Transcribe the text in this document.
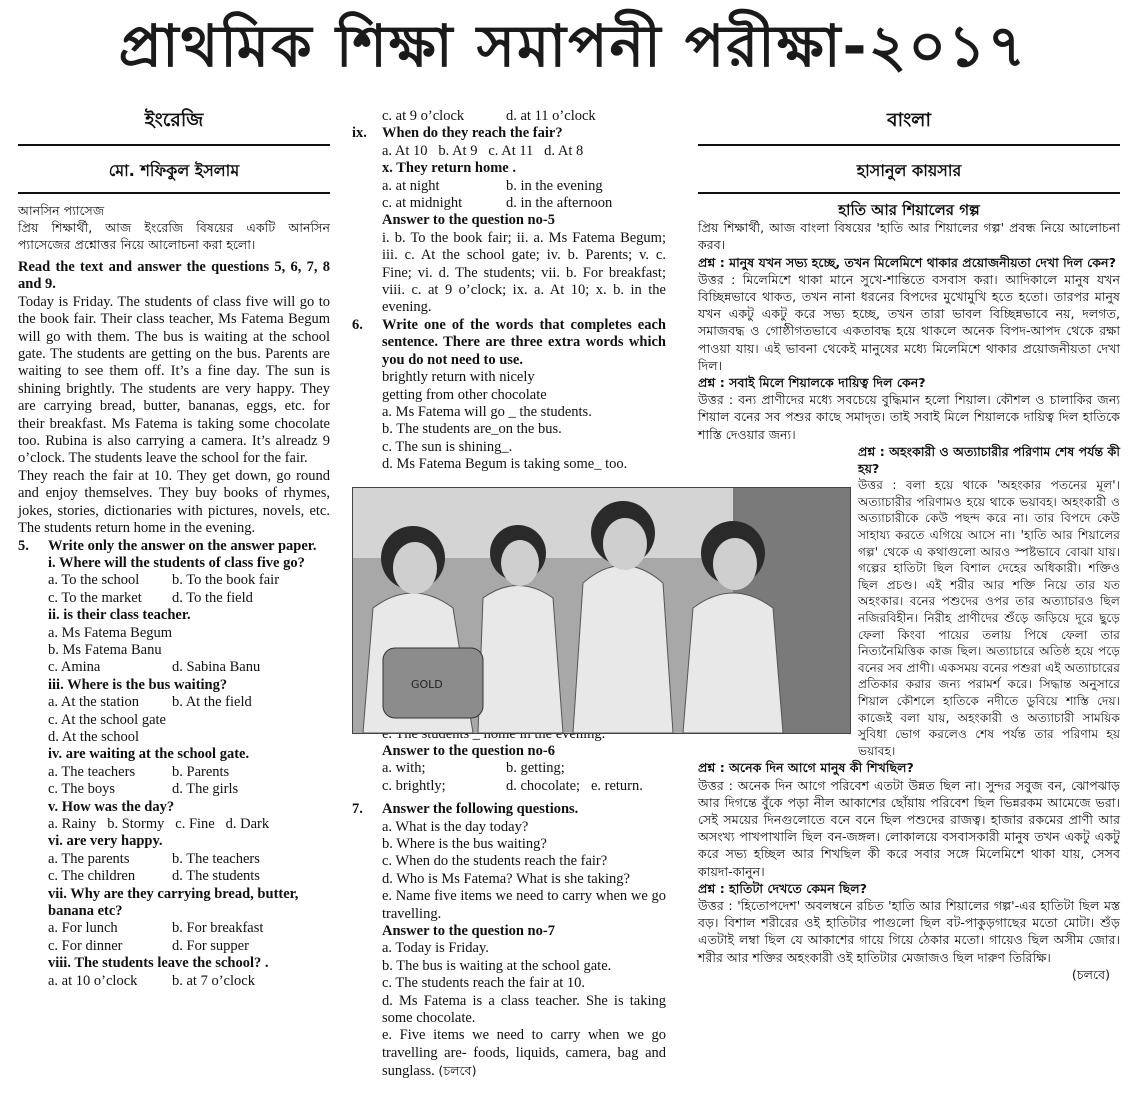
প্রাথমিক শিক্ষা সমাপনী পরীক্ষা-২০১৭
ইংরেজি
মো. শফিকুল ইসলাম

আনসিন প্যাসেজ

প্রিয় শিক্ষার্থী, আজ ইংরেজি বিষয়ের একটি আনসিন প্যাসেজের প্রশ্নোত্তর নিয়ে আলোচনা করা হলো।

Read the text and answer the questions 5, 6, 7, 8 and 9.

Today is Friday. The students of class five will go to the book fair. Their class teacher, Ms Fatema Begum will go with them. The bus is waiting at the school gate. The students are getting on the bus. Parents are waiting to see them off. It’s a fine day. The sun is shining brightly. The students are very happy. They are carrying bread, butter, bananas, eggs, etc. for their breakfast. Ms Fatema is taking some chocolate too. Rubina is also carrying a camera. It’s alreadz 9 o’clock. The students leave the school for the fair.

They reach the fair at 10. They get down, go round and enjoy themselves. They buy books of rhymes, jokes, stories, dictionaries with pictures, novels, etc. The students return home in the evening.

5. Write only the answer on the answer paper.

i. Where will the students of class five go?

a. To the school	b. To the book fair

c. To the market	d. To the field

ii. is their class teacher.

a. Ms Fatema Begum

b. Ms Fatema Banu

c. Amina	d. Sabina Banu

iii. Where is the bus waiting?

a. At the station	b. At the field

c. At the school gate

d. At the school

iv. are waiting at the school gate.

a. The teachers	b. Parents

c. The boys	d. The girls

v. How was the day?

a. Rainy   b. Stormy   c. Fine   d. Dark

vi. are very happy.

a. The parents	b. The teachers

c. The children	d. The students

vii. Why are they carrying bread, butter, banana etc?

a. For lunch	b. For breakfast

c. For dinner	d. For supper

viii. The students leave the school? .

a. at 10 o’clock	b. at 7 o’clock

c. at 9 o’clock	d. at 11 o’clock

ix. When do they reach the fair?

a. At 10   b. At 9   c. At 11   d. At 8

x. They return home .

a. at night	b. in the evening

c. at midnight	d. in the afternoon

Answer to the question no-5

i. b. To the book fair; ii. a. Ms Fatema Begum; iii. c. At the school gate; iv. b. Parents; v. c. Fine; vi. d. The students; vii. b. For breakfast; viii. c. at 9 o’clock; ix. a. At 10; x. b. in the evening.

6. Write one of the words that completes each sentence. There are three extra words which you do not need to use.

brightly return with nicely

getting from other chocolate

a. Ms Fatema will go _ the students.

b. The students are_on the bus.

c. The sun is shining_.

d. Ms Fatema Begum is taking some_ too.

Answer to the question no-6

a. with;	b. getting;

c. brightly;	d. chocolate;   e. return.

7. Answer the following questions.

a. What is the day today?

b. Where is the bus waiting?

c. When do the students reach the fair?

d. Who is Ms Fatema? What is she taking?

e. Name five items we need to carry when we go travelling.

Answer to the question no-7

a. Today is Friday.

b. The bus is waiting at the school gate.

c. The students reach the fair at 10.

d. Ms Fatema is a class teacher. She is taking some chocolate.

e. Five items we need to carry when we go travelling are- foods, liquids, camera, bag and sunglass. (চলবে)

GOLD
বাংলা
হাসানুল কায়সার

হাতি আর শিয়ালের গল্প

প্রিয় শিক্ষার্থী, আজ বাংলা বিষয়ের 'হাতি আর শিয়ালের গল্প' প্রবন্ধ নিয়ে আলোচনা করব।

প্রশ্ন : মানুষ যখন সভ্য হচ্ছে, তখন মিলেমিশে থাকার প্রয়োজনীয়তা দেখা দিল কেন?

উত্তর : মিলেমিশে থাকা মানে সুখে-শান্তিতে বসবাস করা। আদিকালে মানুষ যখন বিচ্ছিন্নভাবে থাকত, তখন নানা ধরনের বিপদের মুখোমুখি হতে হতো। তারপর মানুষ যখন একটু একটু করে সভ্য হচ্ছে, তখন তারা ভাবল বিচ্ছিন্নভাবে নয়, দলগত, সমাজবদ্ধ ও গোষ্ঠীগতভাবে একতাবদ্ধ হয়ে থাকলে অনেক বিপদ-আপদ থেকে রক্ষা পাওয়া যায়। এই ভাবনা থেকেই মানুষের মধ্যে মিলেমিশে থাকার প্রয়োজনীয়তা দেখা দিল।

প্রশ্ন : সবাই মিলে শিয়ালকে দায়িত্ব দিল কেন?

উত্তর : বন্য প্রাণীদের মধ্যে সবচেয়ে বুদ্ধিমান হলো শিয়াল। কৌশল ও চালাকির জন্য শিয়াল বনের সব পশুর কাছে সমাদৃত। তাই সবাই মিলে শিয়ালকে দায়িত্ব দিল হাতিকে শাস্তি দেওয়ার জন্য।

প্রশ্ন : অহংকারী ও অত্যাচারীর পরিণাম শেষ পর্যন্ত কী হয়?

উত্তর : বলা হয়ে থাকে 'অহংকার পতনের মূল'। অত্যাচারীর পরিণামও হয়ে থাকে ভয়াবহ। অহংকারী ও অত্যাচারীকে কেউ পছন্দ করে না। তার বিপদে কেউ সাহায্য করতে এগিয়ে আসে না। 'হাতি আর শিয়ালের গল্প' থেকে এ কথাগুলো আরও স্পষ্টভাবে বোঝা যায়। গল্পের হাতিটা ছিল বিশাল দেহের অধিকারী। শক্তিও ছিল প্রচণ্ড। এই শরীর আর শক্তি নিয়ে তার যত অহংকার। বনের পশুদের ওপর তার অত্যাচারও ছিল নজিরবিহীন। নিরীহ প্রাণীদের শুঁড়ে জড়িয়ে দূরে ছুড়ে ফেলা কিংবা পায়ের তলায় পিষে ফেলা তার নিত্যনৈমিত্তিক কাজ ছিল। অত্যাচারে অতিষ্ঠ হয়ে পড়ে বনের সব প্রাণী। একসময় বনের পশুরা এই অত্যাচারের প্রতিকার করার জন্য পরামর্শ করে। সিদ্ধান্ত অনুসারে শিয়াল কৌশলে হাতিকে নদীতে ডুবিয়ে শাস্তি দেয়। কাজেই বলা যায়, অহংকারী ও অত্যাচারী সাময়িক সুবিধা ভোগ করলেও শেষ পর্যন্ত তার পরিণাম হয় ভয়াবহ।

প্রশ্ন : অনেক দিন আগে মানুষ কী শিখছিল?

উত্তর : অনেক দিন আগে পরিবেশ এতটা উন্নত ছিল না। সুন্দর সবুজ বন, ঝোপঝাড় আর দিগন্তে বুঁকে পড়া নীল আকাশের ছোঁয়ায় পরিবেশ ছিল ভিন্নরকম আমেজে ভরা। সেই সময়ের দিনগুলোতে বনে বনে ছিল পশুদের রাজত্ব। হাজার রকমের প্রাণী আর অসংখ্য পাখপাখালি ছিল বন-জঙ্গল। লোকালয়ে বসবাসকারী মানুষ তখন একটু একটু করে সভ্য হচ্ছিল আর শিখছিল কী করে সবার সঙ্গে মিলেমিশে থাকা যায়, সেসব কায়দা-কানুন।

প্রশ্ন : হাতিটা দেখতে কেমন ছিল?

উত্তর : 'হিতোপদেশ' অবলম্বনে রচিত 'হাতি আর শিয়ালের গল্প'-এর হাতিটা ছিল মস্ত বড়। বিশাল শরীরের ওই হাতিটার পাগুলো ছিল বট-পাকুড়গাছের মতো মোটা। শুঁড় এতটাই লম্বা ছিল যে আকাশের গায়ে গিয়ে ঠেকার মতো। গায়েও ছিল অসীম জোর। শরীর আর শক্তির অহংকারী ওই হাতিটার মেজাজও ছিল দারুণ তিরিক্ষি।

(চলবে)
